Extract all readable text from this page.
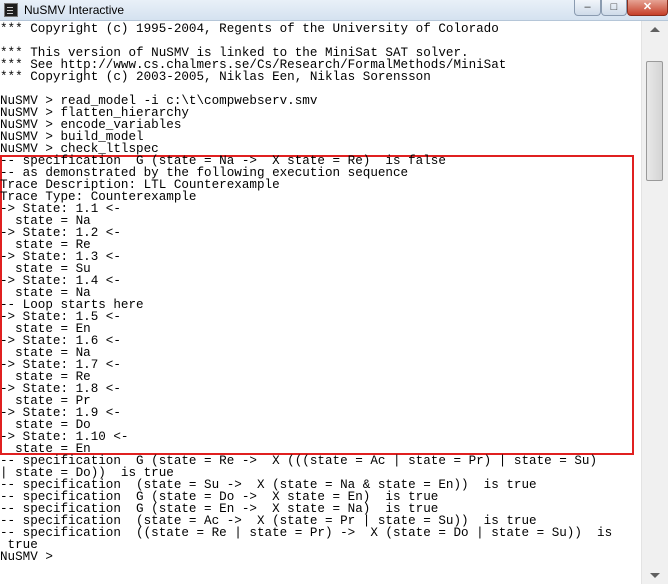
NuSMV Interactive	–	□	✕
*** Copyright (c) 1995-2004, Regents of the University of Colorado
*** This version of NuSMV is linked to the MiniSat SAT solver.
*** See http://www.cs.chalmers.se/Cs/Research/FormalMethods/MiniSat
*** Copyright (c) 2003-2005, Niklas Een, Niklas Sorensson
NuSMV > read_model -i c:\t\compwebserv.smv
NuSMV > flatten_hierarchy
NuSMV > encode_variables
NuSMV > build_model
NuSMV > check_ltlspec
-- specification  G (state = Na ->  X state = Re)  is false
-- as demonstrated by the following execution sequence
Trace Description: LTL Counterexample
Trace Type: Counterexample
-> State: 1.1 <-
state = Na
-> State: 1.2 <-
state = Re
-> State: 1.3 <-
state = Su
-> State: 1.4 <-
state = Na
-- Loop starts here
-> State: 1.5 <-
state = En
-> State: 1.6 <-
state = Na
-> State: 1.7 <-
state = Re
-> State: 1.8 <-
state = Pr
-> State: 1.9 <-
state = Do
-> State: 1.10 <-
state = En
-- specification  G (state = Re ->  X (((state = Ac | state = Pr) | state = Su)
| state = Do))  is true
-- specification  (state = Su ->  X (state = Na & state = En))  is true
-- specification  G (state = Do ->  X state = En)  is true
-- specification  G (state = En ->  X state = Na)  is true
-- specification  (state = Ac ->  X (state = Pr | state = Su))  is true
-- specification  ((state = Re | state = Pr) ->  X (state = Do | state = Su))  is
true
NuSMV >
